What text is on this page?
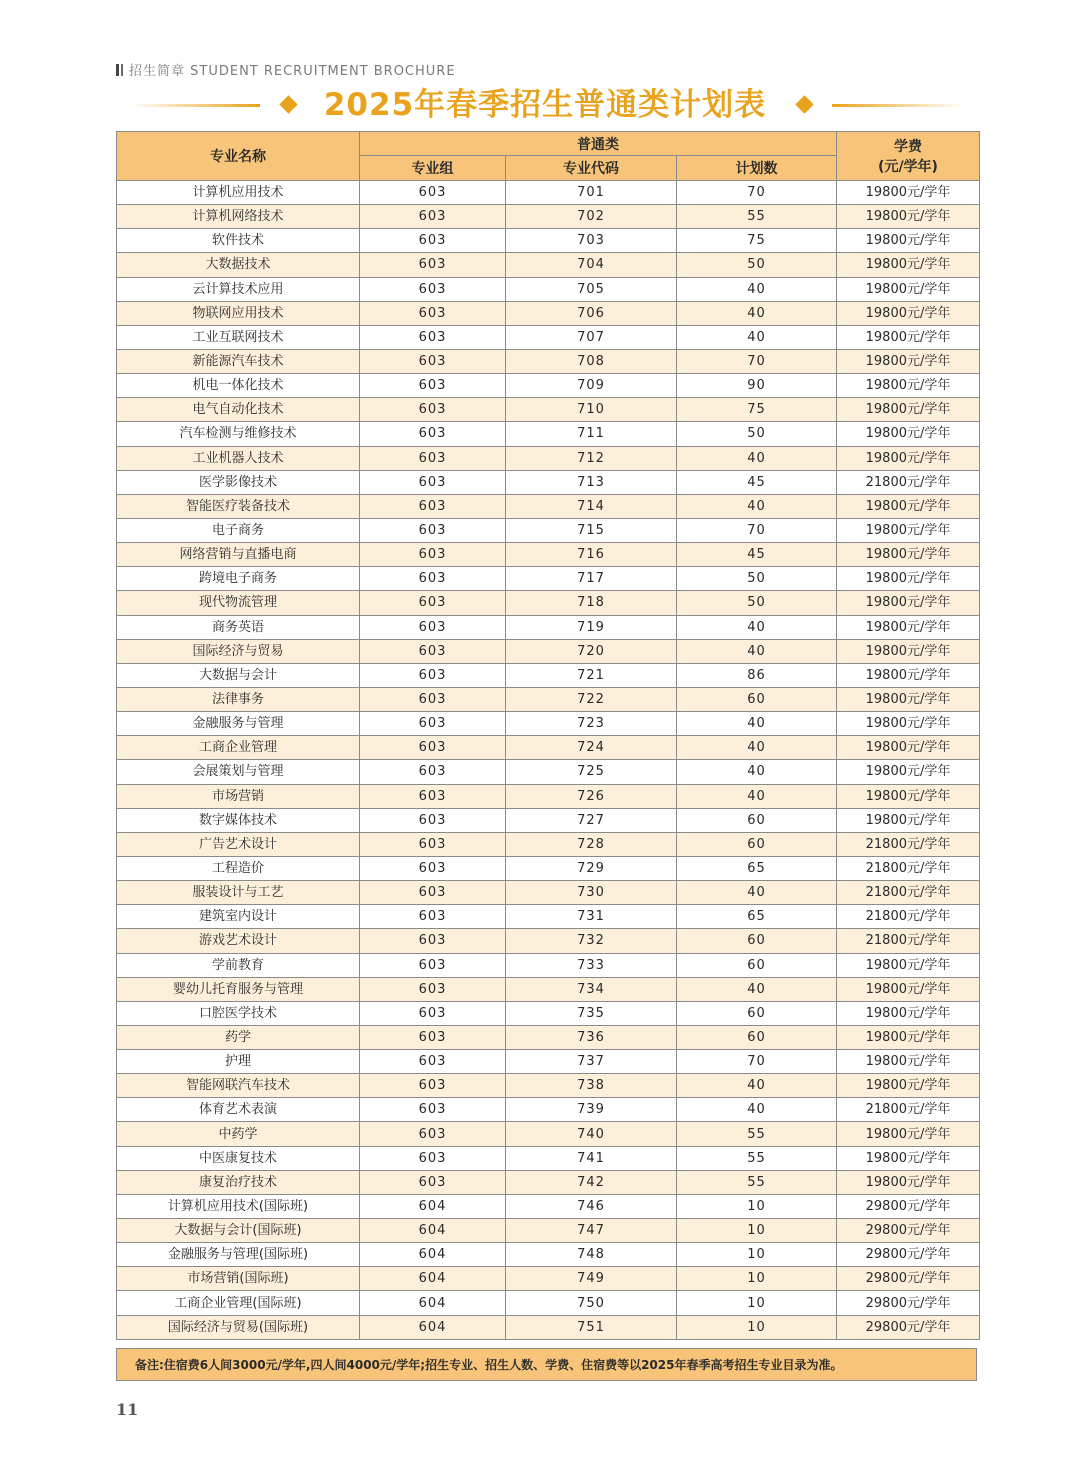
招生简章 STUDENT RECRUITMENT BROCHURE
2025年春季招生普通类计划表
专业名称	普通类			学费
(元/学年)

	专业组	专业代码	计划数	
计算机应用技术	603	701	70	19800元/学年
计算机网络技术	603	702	55	19800元/学年
软件技术	603	703	75	19800元/学年
大数据技术	603	704	50	19800元/学年
云计算技术应用	603	705	40	19800元/学年
物联网应用技术	603	706	40	19800元/学年
工业互联网技术	603	707	40	19800元/学年
新能源汽车技术	603	708	70	19800元/学年
机电一体化技术	603	709	90	19800元/学年
电气自动化技术	603	710	75	19800元/学年
汽车检测与维修技术	603	711	50	19800元/学年
工业机器人技术	603	712	40	19800元/学年
医学影像技术	603	713	45	21800元/学年
智能医疗装备技术	603	714	40	19800元/学年
电子商务	603	715	70	19800元/学年
网络营销与直播电商	603	716	45	19800元/学年
跨境电子商务	603	717	50	19800元/学年
现代物流管理	603	718	50	19800元/学年
商务英语	603	719	40	19800元/学年
国际经济与贸易	603	720	40	19800元/学年
大数据与会计	603	721	86	19800元/学年
法律事务	603	722	60	19800元/学年
金融服务与管理	603	723	40	19800元/学年
工商企业管理	603	724	40	19800元/学年
会展策划与管理	603	725	40	19800元/学年
市场营销	603	726	40	19800元/学年
数字媒体技术	603	727	60	19800元/学年
广告艺术设计	603	728	60	21800元/学年
工程造价	603	729	65	21800元/学年
服装设计与工艺	603	730	40	21800元/学年
建筑室内设计	603	731	65	21800元/学年
游戏艺术设计	603	732	60	21800元/学年
学前教育	603	733	60	19800元/学年
婴幼儿托育服务与管理	603	734	40	19800元/学年
口腔医学技术	603	735	60	19800元/学年
药学	603	736	60	19800元/学年
护理	603	737	70	19800元/学年
智能网联汽车技术	603	738	40	19800元/学年
体育艺术表演	603	739	40	21800元/学年
中药学	603	740	55	19800元/学年
中医康复技术	603	741	55	19800元/学年
康复治疗技术	603	742	55	19800元/学年
计算机应用技术(国际班)	604	746	10	29800元/学年
大数据与会计(国际班)	604	747	10	29800元/学年
金融服务与管理(国际班)	604	748	10	29800元/学年
市场营销(国际班)	604	749	10	29800元/学年
工商企业管理(国际班)	604	750	10	29800元/学年
国际经济与贸易(国际班)	604	751	10	29800元/学年
备注:住宿费6人间3000元/学年,四人间4000元/学年;招生专业、招生人数、学费、住宿费等以2025年春季高考招生专业目录为准。
11
